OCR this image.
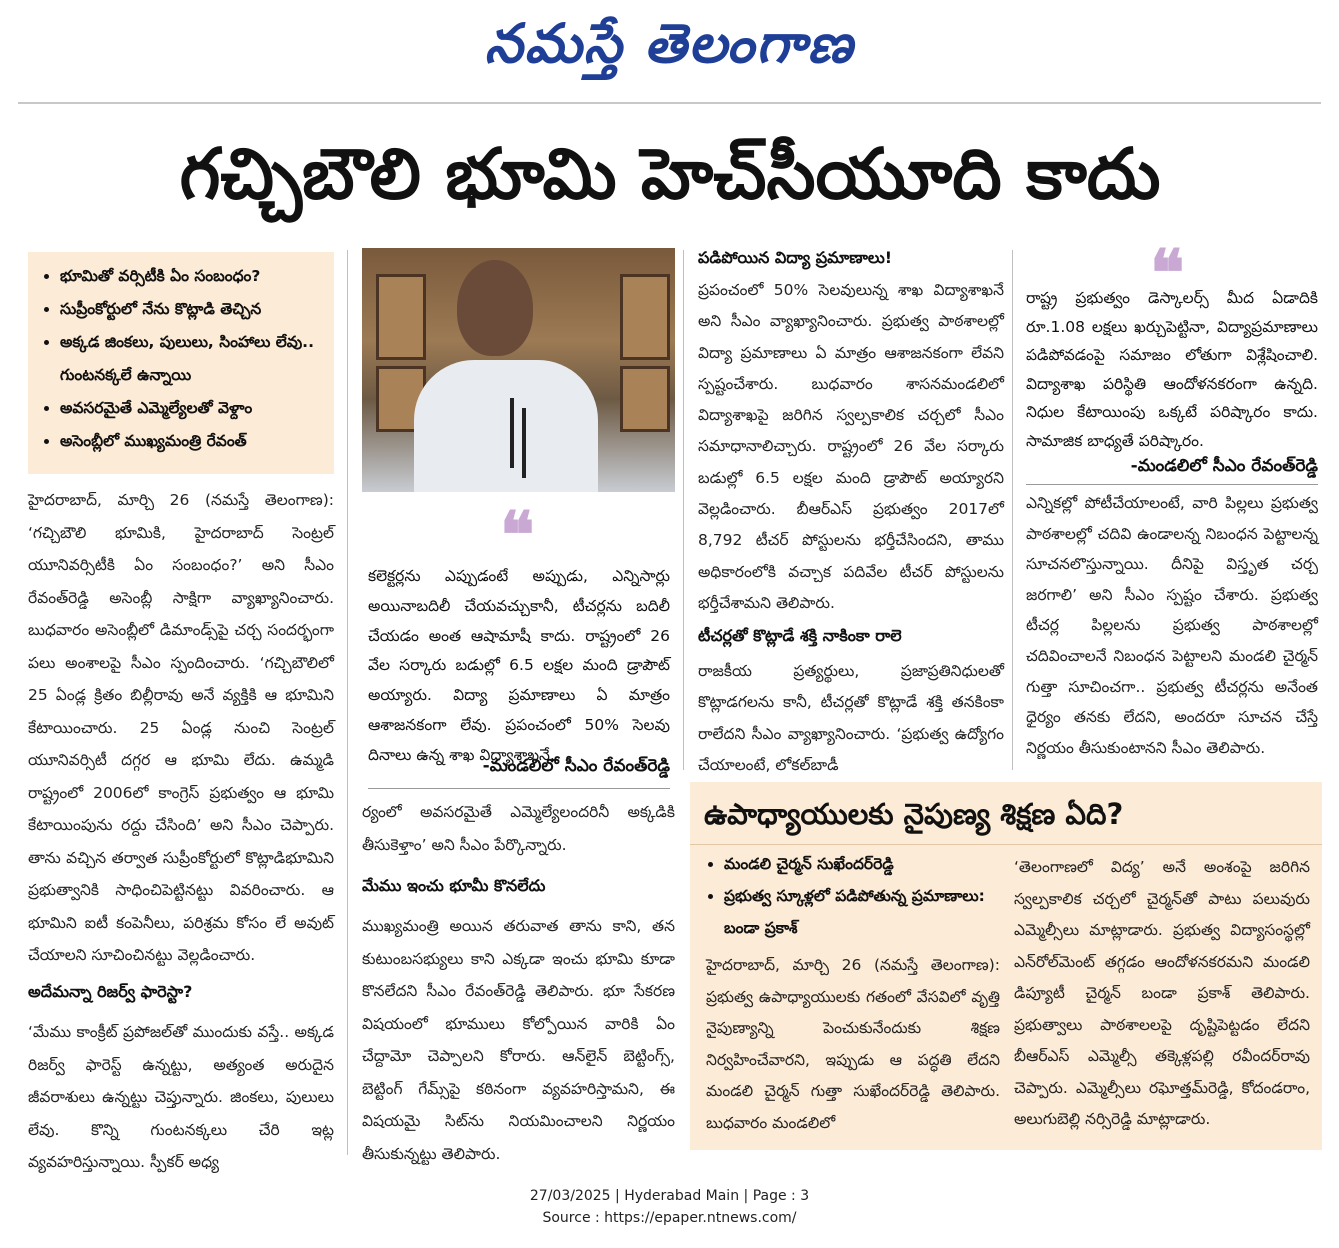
నమస్తే తెలంగాణ
గచ్చిబౌలి భూమి హెచ్‌సీయూది కాదు
• భూమితో వర్సిటీకి ఏం సంబంధం?
• సుప్రీంకోర్టులో నేను కొట్లాడి తెచ్చిన
• అక్కడ జింకలు, పులులు, సింహాలు లేవు.. గుంటనక్కలే ఉన్నాయి
• అవసరమైతే ఎమ్మెల్యేలతో వెళ్దాం
• అసెంబ్లీలో ముఖ్యమంత్రి రేవంత్

హైదరాబాద్, మార్చి 26 (నమస్తే తెలంగాణ): ‘గచ్చిబౌలి భూమికి, హైదరాబాద్ సెంట్రల్ యూనివర్సిటీకి ఏం సంబంధం?’ అని సీఎం రేవంత్‌రెడ్డి అసెంబ్లీ సాక్షిగా వ్యాఖ్యానించారు. బుధవారం అసెంబ్లీలో డిమాండ్స్‌పై చర్చ సందర్భంగా పలు అంశాలపై సీఎం స్పందించారు. ‘గచ్చిబౌలిలో 25 ఏండ్ల క్రితం బిల్లీరావు అనే వ్యక్తికి ఆ భూమిని కేటాయించారు. 25 ఏండ్ల నుంచి సెంట్రల్ యూనివర్సిటీ దగ్గర ఆ భూమి లేదు. ఉమ్మడి రాష్ట్రంలో 2006లో కాంగ్రెస్ ప్రభుత్వం ఆ భూమి కేటాయింపును రద్దు చేసింది’ అని సీఎం చెప్పారు. తాను వచ్చిన తర్వాత సుప్రీంకోర్టులో కొట్లాడిభూమిని ప్రభుత్వానికి సాధించిపెట్టినట్టు వివరించారు. ఆ భూమిని ఐటీ కంపెనీలు, పరిశ్రమ కోసం లే అవుట్ చేయాలని సూచించినట్టు వెల్లడించారు.

అదేమన్నా రిజర్వ్ ఫారెస్టా?

‘మేము కాంక్రీట్ ప్రపోజల్‌తో ముందుకు వస్తే.. అక్కడ రిజర్వ్ ఫారెస్ట్ ఉన్నట్టు, అత్యంత అరుదైన జీవరాశులు ఉన్నట్టు చెప్తున్నారు. జింకలు, పులులు లేవు. కొన్ని గుంటనక్కలు చేరి ఇట్ల వ్యవహరిస్తున్నాయి. స్పీకర్ అధ్య

❝
కలెక్టర్లను ఎప్పుడంటే అప్పుడు, ఎన్నిసార్లు అయినాబదిలీ చేయవచ్చుకానీ, టీచర్లను బదిలీ చేయడం అంత ఆషామాషీ కాదు. రాష్ట్రంలో 26 వేల సర్కారు బడుల్లో 6.5 లక్షల మంది డ్రాపౌట్ అయ్యారు. విద్యా ప్రమాణాలు ఏ మాత్రం ఆశాజనకంగా లేవు. ప్రపంచంలో 50% సెలవు దినాలు ఉన్న శాఖ విద్యాశాఖనే.
-మండలిలో సీఎం రేవంత్‌రెడ్డి

ర్యంలో అవసరమైతే ఎమ్మెల్యేలందరినీ అక్కడికి తీసుకెళ్తాం’ అని సీఎం పేర్కొన్నారు.

మేము ఇంచు భూమీ కొనలేదు

ముఖ్యమంత్రి అయిన తరువాత తాను కాని, తన కుటుంబసభ్యులు కాని ఎక్కడా ఇంచు భూమి కూడా కొనలేదని సీఎం రేవంత్‌రెడ్డి తెలిపారు. భూ సేకరణ విషయంలో భూములు కోల్పోయిన వారికి ఏం చేద్దామో చెప్పాలని కోరారు. ఆన్‌లైన్ బెట్టింగ్స్, బెట్టింగ్ గేమ్స్‌పై కఠినంగా వ్యవహరిస్తామని, ఈ విషయమై సిట్‌ను నియమించాలని నిర్ణయం తీసుకున్నట్టు తెలిపారు.

పడిపోయిన విద్యా ప్రమాణాలు!

ప్రపంచంలో 50% సెలవులున్న శాఖ విద్యాశాఖనే అని సీఎం వ్యాఖ్యానించారు. ప్రభుత్వ పాఠశాలల్లో విద్యా ప్రమాణాలు ఏ మాత్రం ఆశాజనకంగా లేవని స్పష్టంచేశారు. బుధవారం శాసనమండలిలో విద్యాశాఖపై జరిగిన స్వల్పకాలిక చర్చలో సీఎం సమాధానాలిచ్చారు. రాష్ట్రంలో 26 వేల సర్కారు బడుల్లో 6.5 లక్షల మంది డ్రాపౌట్ అయ్యారని వెల్లడించారు. బీఆర్‌ఎస్ ప్రభుత్వం 2017లో 8,792 టీచర్ పోస్టులను భర్తీచేసిందని, తాము అధికారంలోకి వచ్చాక పదివేల టీచర్ పోస్టులను భర్తీచేశామని తెలిపారు.

టీచర్లతో కొట్లాడే శక్తి నాకింకా రాలె

రాజకీయ ప్రత్యర్థులు, ప్రజాప్రతినిధులతో కొట్లాడగలను కానీ, టీచర్లతో కొట్లాడే శక్తి తనకింకా రాలేదని సీఎం వ్యాఖ్యానించారు. ‘ప్రభుత్వ ఉద్యోగం చేయాలంటే, లోకల్‌బాడీ

❝
రాష్ట్ర ప్రభుత్వం డెస్కాలర్స్ మీద ఏడాదికి రూ.1.08 లక్షలు ఖర్చుపెట్టినా, విద్యాప్రమాణాలు పడిపోవడంపై సమాజం లోతుగా విశ్లేషించాలి. విద్యాశాఖ పరిస్థితి ఆందోళనకరంగా ఉన్నది. నిధుల కేటాయింపు ఒక్కటే పరిష్కారం కాదు. సామాజిక బాధ్యతే పరిష్కారం.
-మండలిలో సీఎం రేవంత్‌రెడ్డి

ఎన్నికల్లో పోటీచేయాలంటే, వారి పిల్లలు ప్రభుత్వ పాఠశాలల్లో చదివి ఉండాలన్న నిబంధన పెట్టాలన్న సూచనలొస్తున్నాయి. దీనిపై విస్తృత చర్చ జరగాలి’ అని సీఎం స్పష్టం చేశారు. ప్రభుత్వ టీచర్ల పిల్లలను ప్రభుత్వ పాఠశాలల్లో చదివించాలనే నిబంధన పెట్టాలని మండలి చైర్మన్ గుత్తా సూచించగా.. ప్రభుత్వ టీచర్లను అనేంత ధైర్యం తనకు లేదని, అందరూ సూచన చేస్తే నిర్ణయం తీసుకుంటానని సీఎం తెలిపారు.

ఉపాధ్యాయులకు నైపుణ్య శిక్షణ ఏది?
• మండలి చైర్మన్ సుఖేందర్‌రెడ్డి
• ప్రభుత్వ స్కూళ్లలో పడిపోతున్న ప్రమాణాలు: బండా ప్రకాశ్
హైదరాబాద్, మార్చి 26 (నమస్తే తెలంగాణ): ప్రభుత్వ ఉపాధ్యాయులకు గతంలో వేసవిలో వృత్తి నైపుణ్యాన్ని పెంచుకునేందుకు శిక్షణ నిర్వహించేవారని, ఇప్పుడు ఆ పద్ధతి లేదని మండలి చైర్మన్ గుత్తా సుఖేందర్‌రెడ్డి తెలిపారు. బుధవారం మండలిలో
‘తెలంగాణలో విద్య’ అనే అంశంపై జరిగిన స్వల్పకాలిక చర్చలో చైర్మన్‌తో పాటు పలువురు ఎమ్మెల్సీలు మాట్లాడారు. ప్రభుత్వ విద్యాసంస్థల్లో ఎన్‌రోల్‌మెంట్ తగ్గడం ఆందోళనకరమని మండలి డిప్యూటీ చైర్మన్ బండా ప్రకాశ్ తెలిపారు. ప్రభుత్వాలు పాఠశాలలపై దృష్టిపెట్టడం లేదని బీఆర్‌ఎస్ ఎమ్మెల్సీ తక్కెళ్లపల్లి రవీందర్‌రావు చెప్పారు. ఎమ్మెల్సీలు రఘోత్తమ్‌రెడ్డి, కోదండరాం, అలుగుబెల్లి నర్సిరెడ్డి మాట్లాడారు.
27/03/2025 | Hyderabad Main | Page : 3
Source : https://epaper.ntnews.com/
